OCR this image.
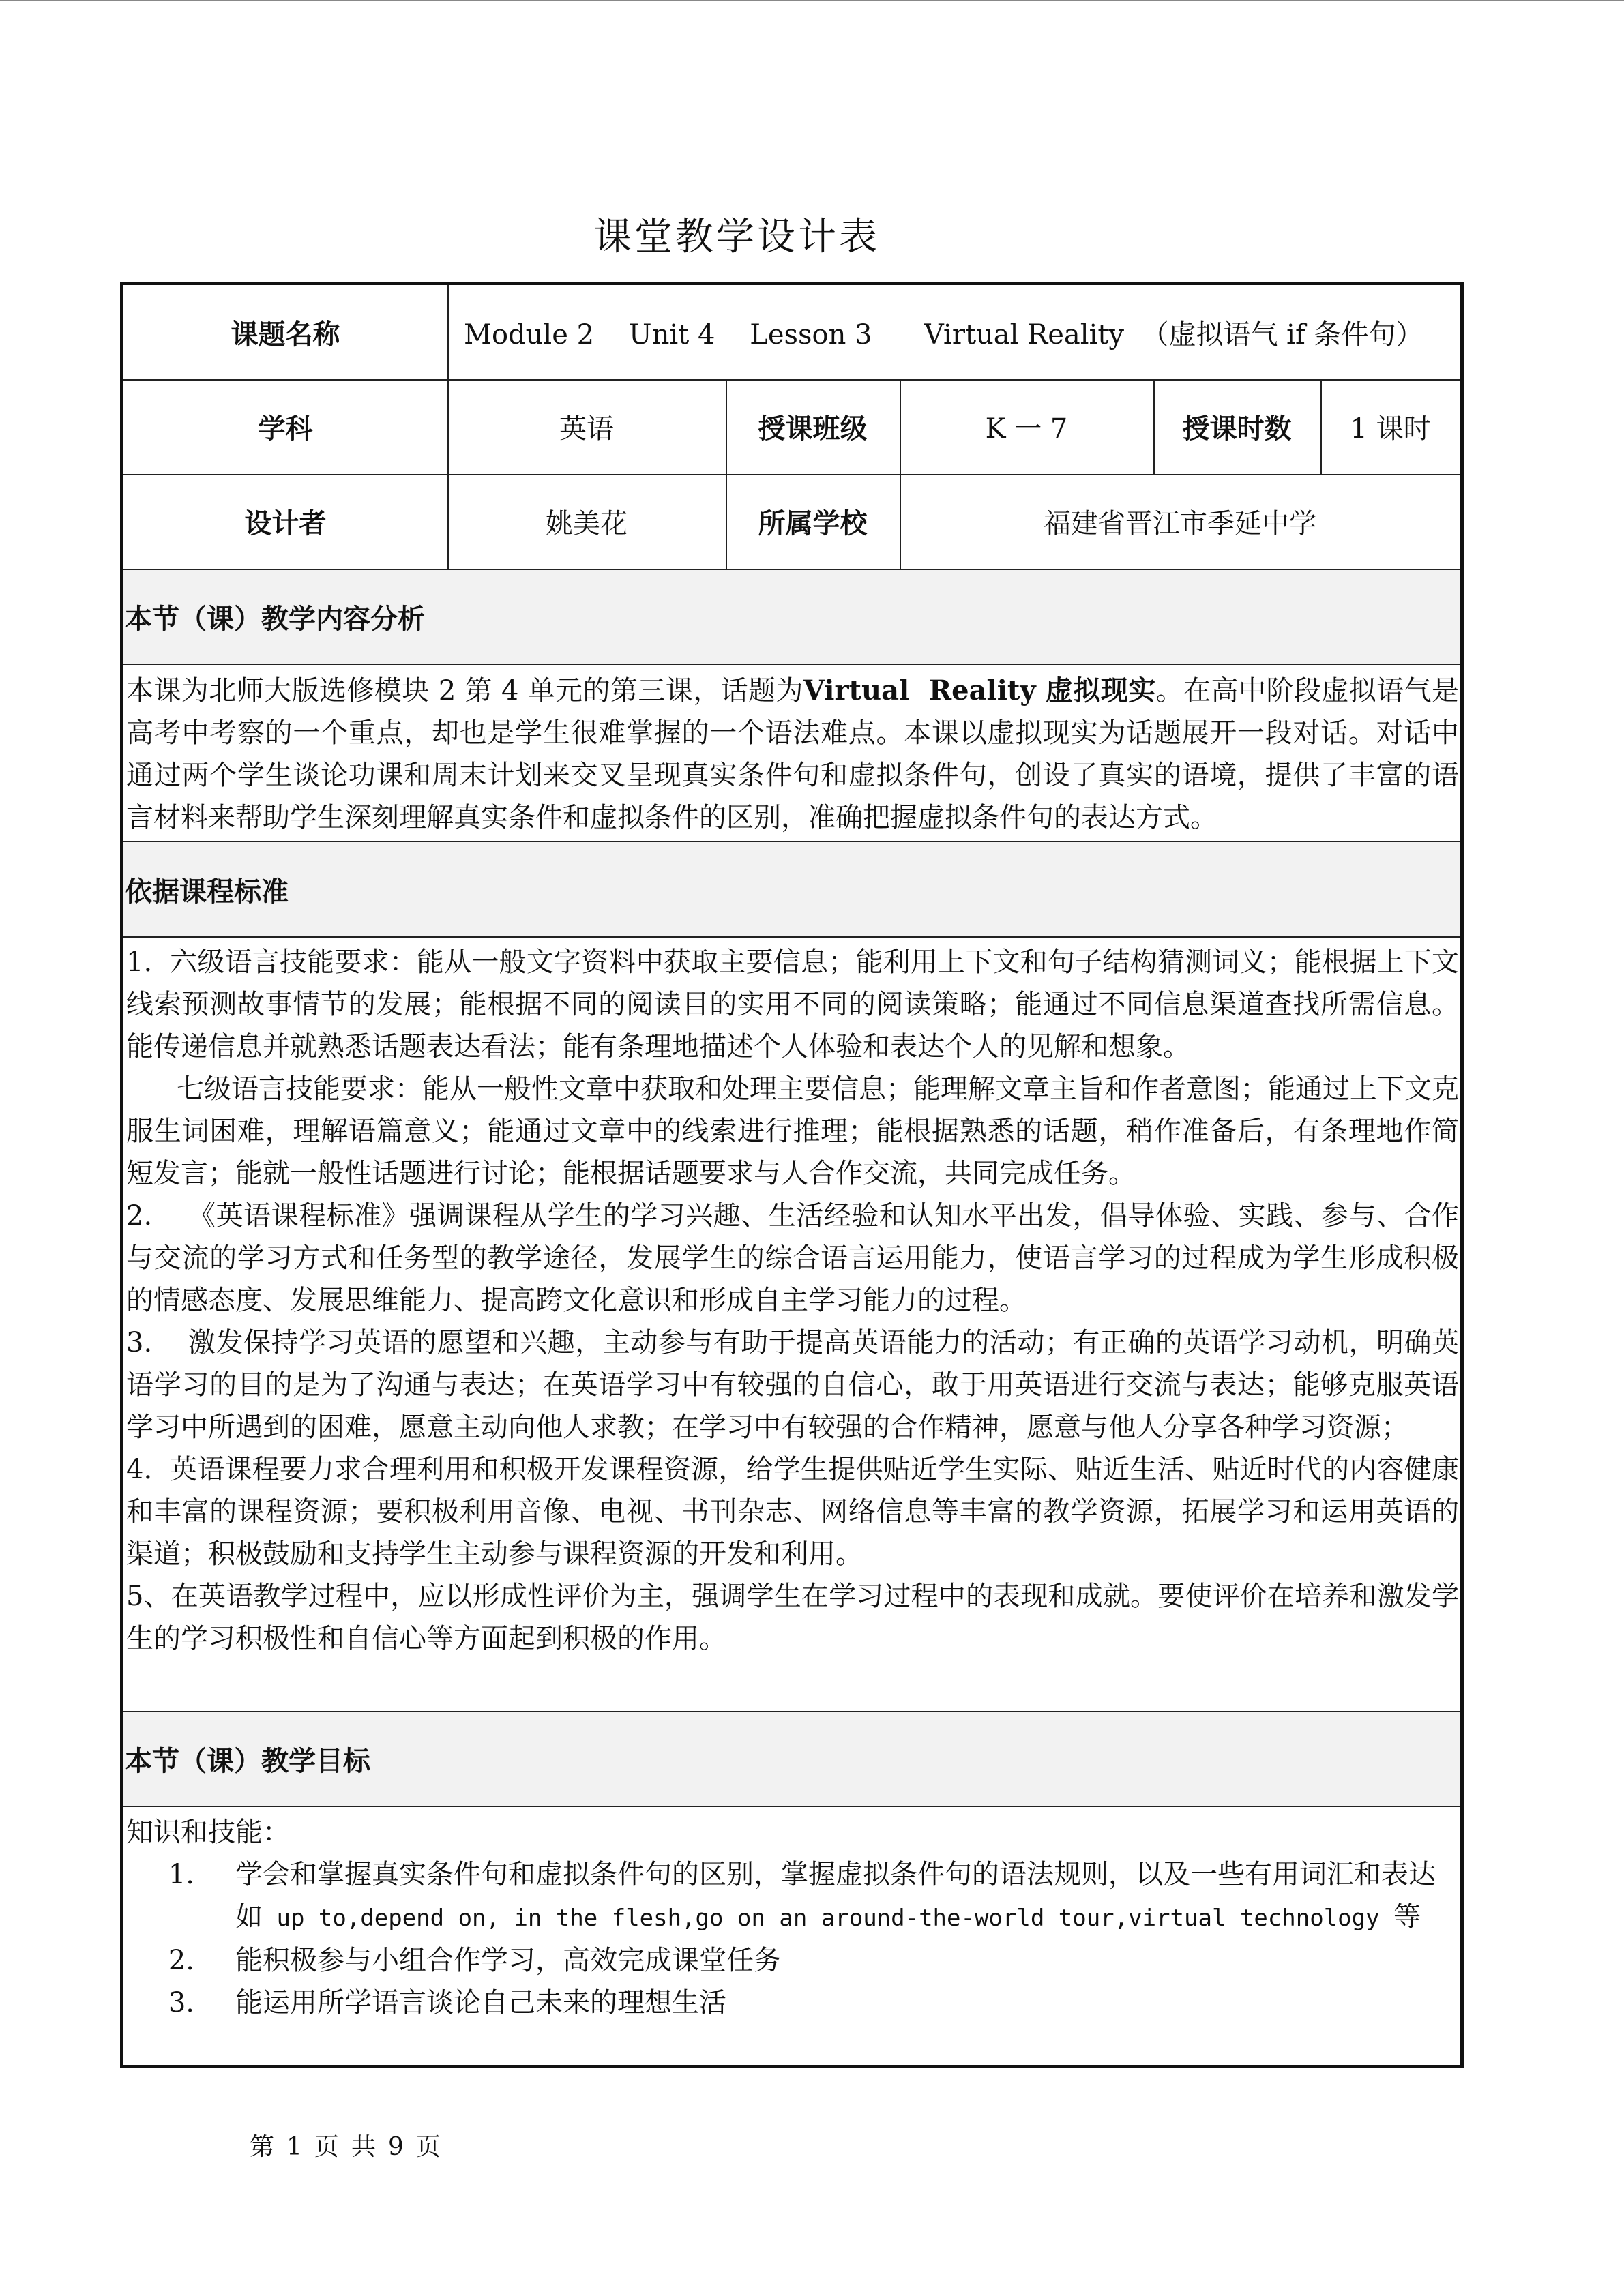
课堂教学设计表
课题名称	Module 2    Unit 4    Lesson 3      Virtual Reality  （虚拟语气 if 条件句）
学科	英语	授课班级	K 一 7	授课时数	1 课时
设计者	姚美花	所属学校	福建省晋江市季延中学
本节（课）教学内容分析

本课为北师大版选修模块 2 第 4 单元的第三课，话题为Virtual  Reality 虚拟现实。在高中阶段虚拟语气是高考中考察的一个重点，却也是学生很难掌握的一个语法难点。本课以虚拟现实为话题展开一段对话。对话中通过两个学生谈论功课和周末计划来交叉呈现真实条件句和虚拟条件句，创设了真实的语境，提供了丰富的语言材料来帮助学生深刻理解真实条件和虚拟条件的区别，准确把握虚拟条件句的表达方式。

依据课程标准

1.  六级语言技能要求：能从一般文字资料中获取主要信息；能利用上下文和句子结构猜测词义；能根据上下文线索预测故事情节的发展；能根据不同的阅读目的实用不同的阅读策略；能通过不同信息渠道查找所需信息。能传递信息并就熟悉话题表达看法；能有条理地描述个人体验和表达个人的见解和想象。

七级语言技能要求：能从一般性文章中获取和处理主要信息；能理解文章主旨和作者意图；能通过上下文克服生词困难，理解语篇意义；能通过文章中的线索进行推理；能根据熟悉的话题，稍作准备后，有条理地作简短发言；能就一般性话题进行讨论；能根据话题要求与人合作交流，共同完成任务。

2.    《英语课程标准》强调课程从学生的学习兴趣、生活经验和认知水平出发，倡导体验、实践、参与、合作与交流的学习方式和任务型的教学途径，发展学生的综合语言运用能力，使语言学习的过程成为学生形成积极的情感态度、发展思维能力、提高跨文化意识和形成自主学习能力的过程。

3.    激发保持学习英语的愿望和兴趣，主动参与有助于提高英语能力的活动；有正确的英语学习动机，明确英语学习的目的是为了沟通与表达；在英语学习中有较强的自信心，敢于用英语进行交流与表达；能够克服英语学习中所遇到的困难，愿意主动向他人求教；在学习中有较强的合作精神，愿意与他人分享各种学习资源；

4.  英语课程要力求合理利用和积极开发课程资源，给学生提供贴近学生实际、贴近生活、贴近时代的内容健康和丰富的课程资源；要积极利用音像、电视、书刊杂志、网络信息等丰富的教学资源，拓展学习和运用英语的渠道；积极鼓励和支持学生主动参与课程资源的开发和利用。

5、在英语教学过程中，应以形成性评价为主，强调学生在学习过程中的表现和成就。要使评价在培养和激发学生的学习积极性和自信心等方面起到积极的作用。

本节（课）教学目标
知识和技能：
1.	学会和掌握真实条件句和虚拟条件句的区别，掌握虚拟条件句的语法规则，以及一些有用词汇和表达如 up to,depend on, in the flesh,go on an around-the-world tour,virtual technology 等
2.	能积极参与小组合作学习，高效完成课堂任务
3.	能运用所学语言谈论自己未来的理想生活
第 1 页 共 9 页
